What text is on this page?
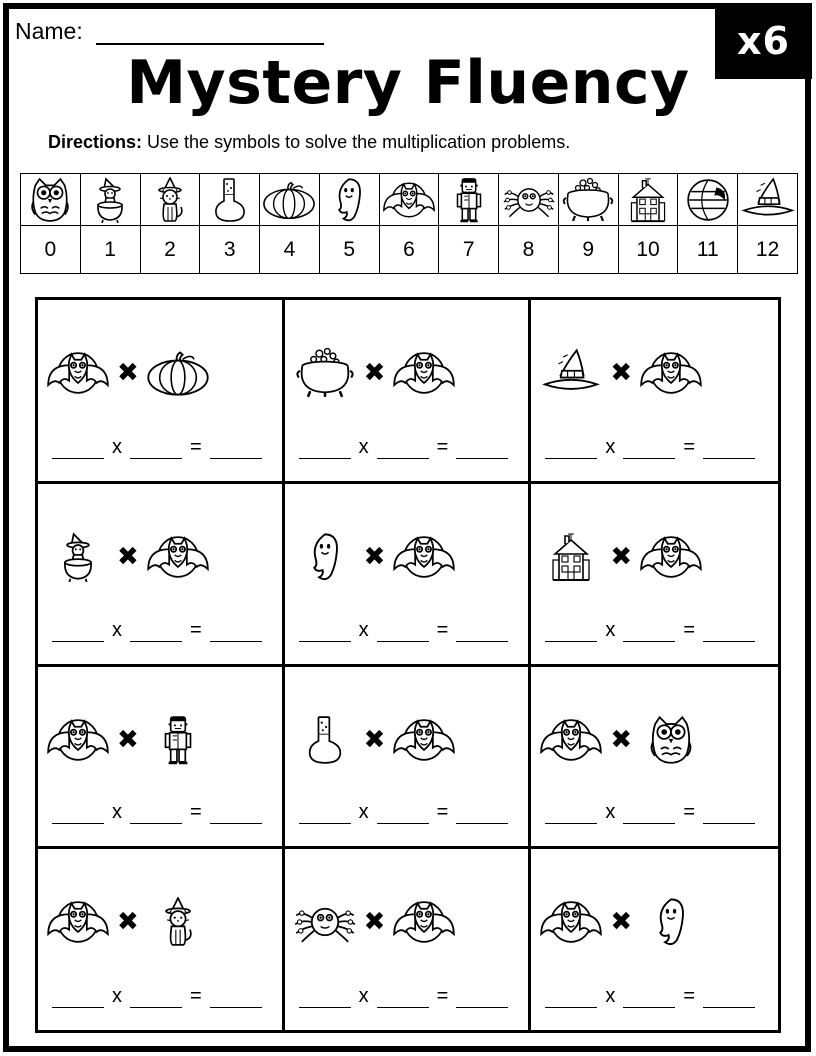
Name:	x6
Mystery Fluency

Directions: Use the symbols to solve the multiplication problems.

0	1	2	3	4	5	6	7	8	9	10	11	12
✖
x	=
✖
x	=
✖
x	=
✖
x	=
✖
x	=
✖
x	=
✖
x	=
✖
x	=
✖
x	=
✖
x	=
✖
x	=
✖
x	=
